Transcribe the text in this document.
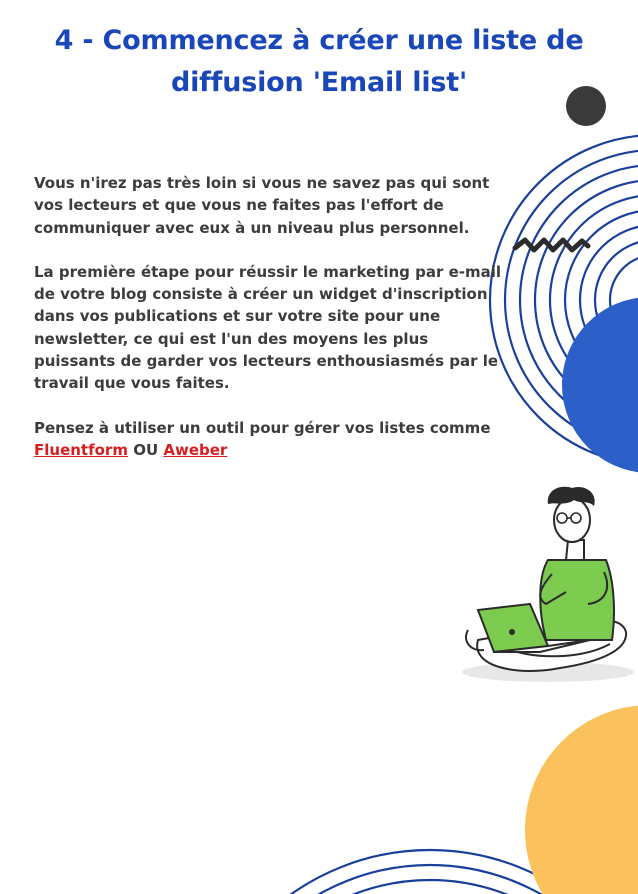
4 - Commencez à créer une liste de
diffusion 'Email list'

Vous n'irez pas très loin si vous ne savez pas qui sont vos lecteurs et que vous ne faites pas l'effort de communiquer avec eux à un niveau plus personnel.

La première étape pour réussir le marketing par e-mail de votre blog consiste à créer un widget d'inscription dans vos publications et sur votre site pour une newsletter, ce qui est l'un des moyens les plus puissants de garder vos lecteurs enthousiasmés par le travail que vous faites.

Pensez à utiliser un outil pour gérer vos listes comme Fluentform OU Aweber
